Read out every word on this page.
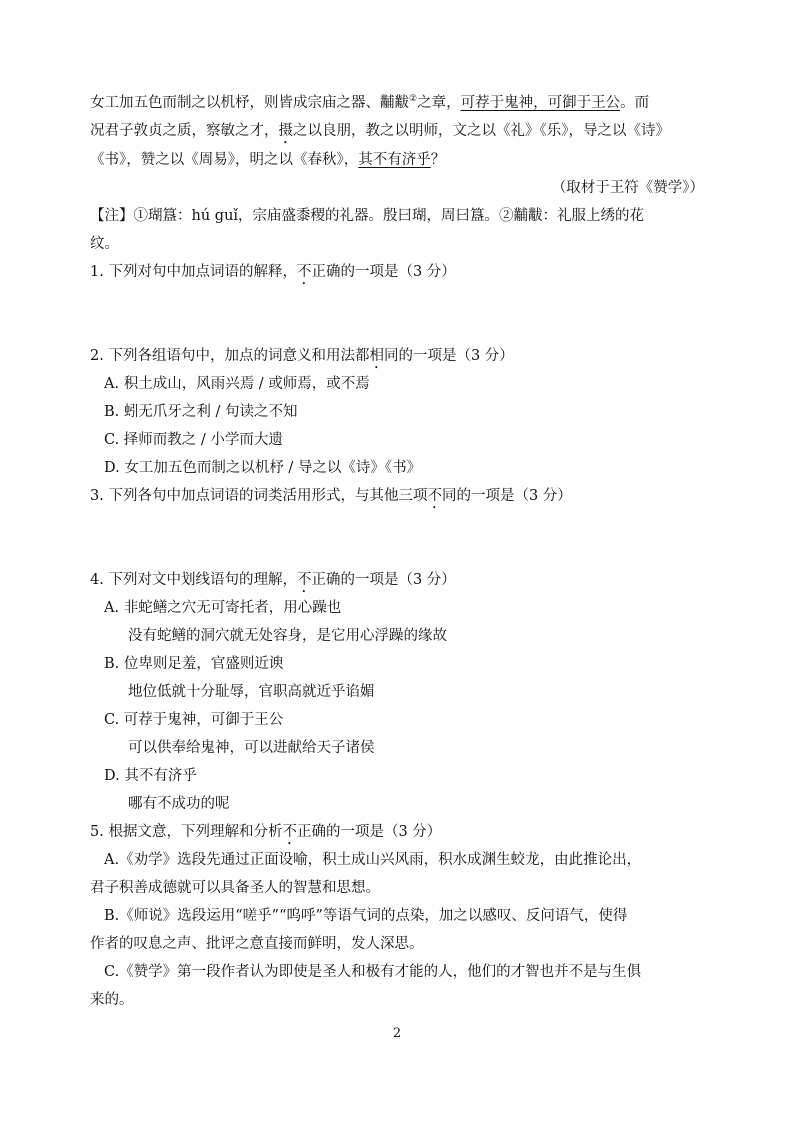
女工加五色而制之以机杼，则皆成宗庙之器、黼黻②之章，可荐于鬼神，可御于王公。而
况君子敦贞之质，察敏之才，摄之以良朋，教之以明师，文之以《礼》《乐》，导之以《诗》
《书》，赞之以《周易》，明之以《春秋》，其不有济乎？
（取材于王符《赞学》）
【注】①瑚簋：hú guǐ，宗庙盛黍稷的礼器。殷曰瑚，周曰簋。②黼黻：礼服上绣的花
纹。
1. 下列对句中加点词语的解释，不正确的一项是（3 分）
2. 下列各组语句中，加点的词意义和用法都相同的一项是（3 分）
A. 积土成山，风雨兴焉 / 或师焉，或不焉
B. 蚓无爪牙之利 / 句读之不知
C. 择师而教之 / 小学而大遗
D. 女工加五色而制之以机杼 / 导之以《诗》《书》
3. 下列各句中加点词语的词类活用形式，与其他三项不同的一项是（3 分）
4. 下列对文中划线语句的理解，不正确的一项是（3 分）
A. 非蛇鳝之穴无可寄托者，用心躁也
没有蛇鳝的洞穴就无处容身，是它用心浮躁的缘故
B. 位卑则足羞，官盛则近谀
地位低就十分耻辱，官职高就近乎谄媚
C. 可荐于鬼神，可御于王公
可以供奉给鬼神，可以进献给天子诸侯
D. 其不有济乎
哪有不成功的呢
5. 根据文意，下列理解和分析不正确的一项是（3 分）
A.《劝学》选段先通过正面设喻，积土成山兴风雨，积水成渊生蛟龙，由此推论出，
君子积善成德就可以具备圣人的智慧和思想。
B.《师说》选段运用“嗟乎”“呜呼”等语气词的点染，加之以感叹、反问语气，使得
作者的叹息之声、批评之意直接而鲜明，发人深思。
C.《赞学》第一段作者认为即使是圣人和极有才能的人，他们的才智也并不是与生俱
来的。
2
